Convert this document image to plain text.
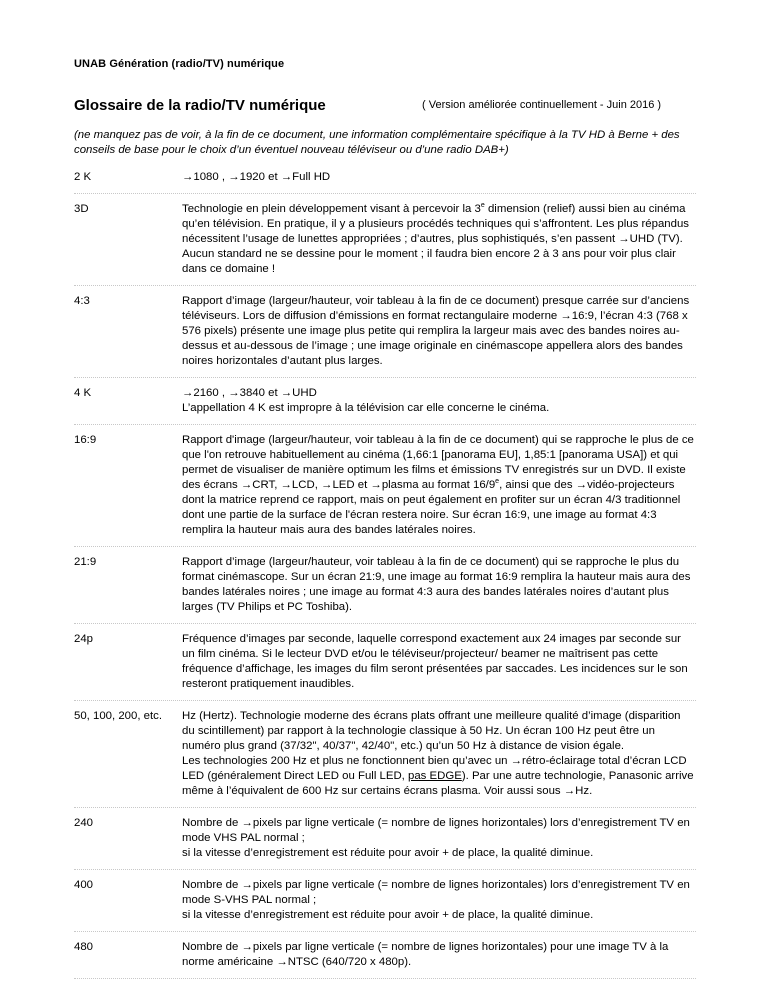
UNAB Génération (radio/TV) numérique
Glossaire de la radio/TV numérique	( Version améliorée continuellement - Juin 2016 )
(ne manquez pas de voir, à la fin de ce document, une information complémentaire spécifique à la TV HD à Berne + des conseils de base pour le choix d’un éventuel nouveau téléviseur ou d’une radio DAB+)
2 K	→1080 , →1920 et →Full HD
3D	Technologie en plein développement visant à percevoir la 3e dimension (relief) aussi bien au cinéma qu’en télévision. En pratique, il y a plusieurs procédés techniques qui s’affrontent. Les plus répandus nécessitent l’usage de lunettes appropriées ; d’autres, plus sophistiqués, s’en passent →UHD (TV). Aucun standard ne se dessine pour le moment ; il faudra bien encore 2 à 3 ans pour voir plus clair dans ce domaine !
4:3	Rapport d’image (largeur/hauteur, voir tableau à la fin de ce document) presque carrée sur d’anciens téléviseurs. Lors de diffusion d’émissions en format rectangulaire moderne →16:9, l’écran 4:3 (768 x 576 pixels) présente une image plus petite qui remplira la largeur mais avec des bandes noires au-dessus et au-dessous de l’image ; une image originale en cinémascope appellera alors des bandes noires horizontales d’autant plus larges.
4 K	→2160 , →3840 et →UHD
L’appellation 4 K est impropre à la télévision car elle concerne le cinéma.
16:9	Rapport d'image (largeur/hauteur, voir tableau à la fin de ce document) qui se rapproche le plus de ce que l'on retrouve habituellement au cinéma (1,66:1 [panorama EU], 1,85:1 [panorama USA]) et qui permet de visualiser de manière optimum les films et émissions TV enregistrés sur un DVD. Il existe des écrans →CRT, →LCD, →LED et →plasma au format 16/9e, ainsi que des →vidéo-projecteurs dont la matrice reprend ce rapport, mais on peut également en profiter sur un écran 4/3 traditionnel dont une partie de la surface de l'écran restera noire. Sur écran 16:9, une image au format 4:3 remplira la hauteur mais aura des bandes latérales noires.
21:9	Rapport d’image (largeur/hauteur, voir tableau à la fin de ce document) qui se rapproche le plus du format cinémascope. Sur un écran 21:9, une image au format 16:9 remplira la hauteur mais aura des bandes latérales noires ; une image au format 4:3 aura des bandes latérales noires d’autant plus larges (TV Philips et PC Toshiba).
24p	Fréquence d’images par seconde, laquelle correspond exactement aux 24 images par seconde sur un film cinéma. Si le lecteur DVD et/ou le téléviseur/projecteur/ beamer ne maîtrisent pas cette fréquence d’affichage, les images du film seront présentées par saccades. Les incidences sur le son resteront pratiquement inaudibles.
50, 100, 200, etc.	Hz (Hertz). Technologie moderne des écrans plats offrant une meilleure qualité d’image (disparition du scintillement) par rapport à la technologie classique à 50 Hz. Un écran 100 Hz peut être un numéro plus grand (37/32", 40/37", 42/40", etc.) qu’un 50 Hz à distance de vision égale.
Les technologies 200 Hz et plus ne fonctionnent bien qu’avec un →rétro-éclairage total d’écran LCD LED (généralement Direct LED ou Full LED, pas EDGE). Par une autre technologie, Panasonic arrive même à l’équivalent de 600 Hz sur certains écrans plasma. Voir aussi sous →Hz.
240	Nombre de →pixels par ligne verticale (= nombre de lignes horizontales) lors d’enregistrement TV en mode VHS PAL normal ;
si la vitesse d’enregistrement est réduite pour avoir + de place, la qualité diminue.
400	Nombre de →pixels par ligne verticale (= nombre de lignes horizontales) lors d’enregistrement TV en mode S-VHS PAL normal ;
si la vitesse d’enregistrement est réduite pour avoir + de place, la qualité diminue.
480	Nombre de →pixels par ligne verticale (= nombre de lignes horizontales) pour une image TV à la norme américaine →NTSC (640/720 x 480p).
